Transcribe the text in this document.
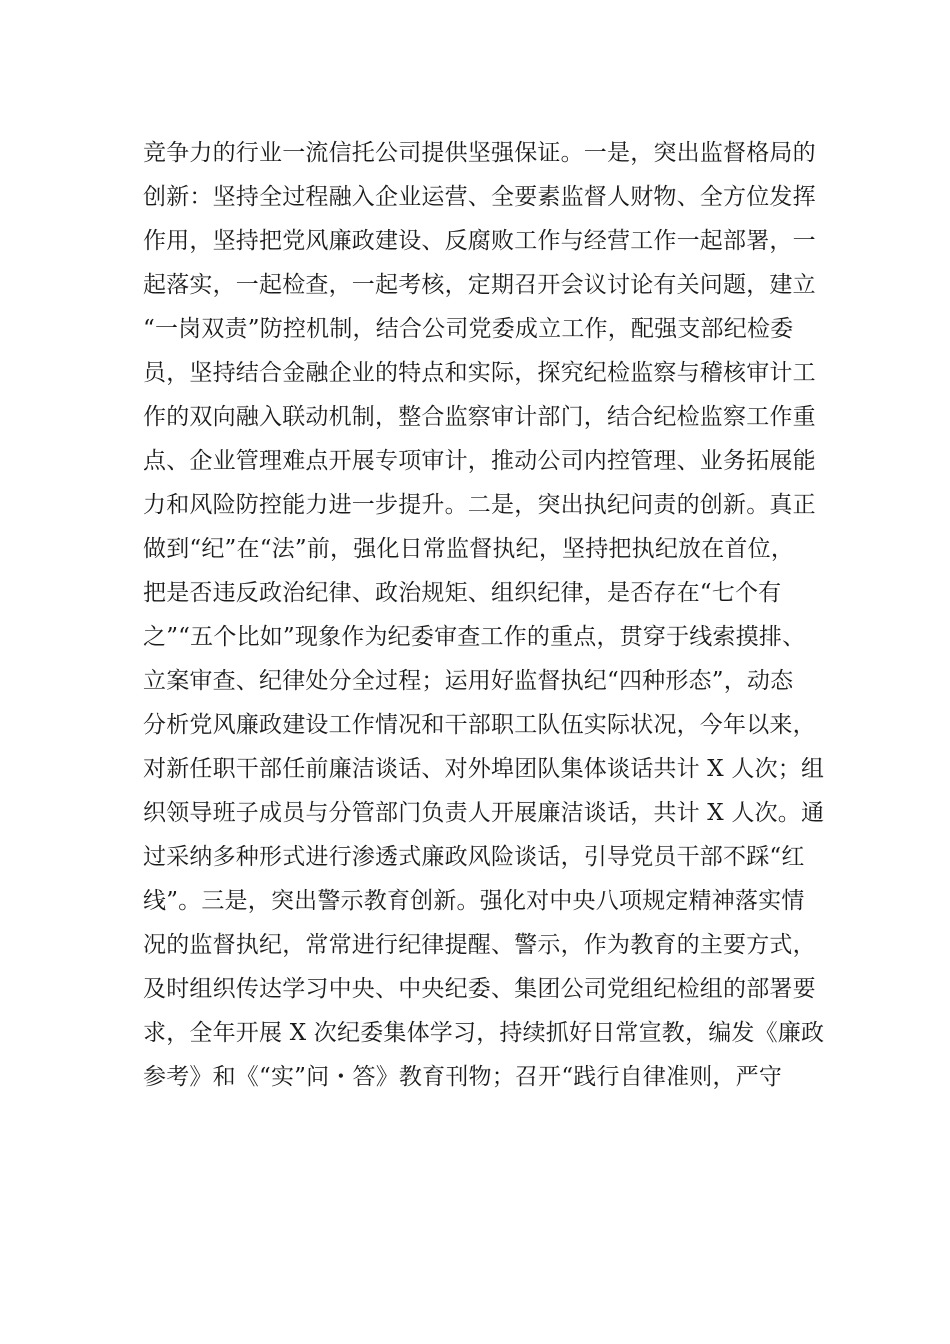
竞争力的行业一流信托公司提供坚强保证。一是，突出监督格局的
创新：坚持全过程融入企业运营、全要素监督人财物、全方位发挥
作用，坚持把党风廉政建设、反腐败工作与经营工作一起部署，一
起落实，一起检查，一起考核，定期召开会议讨论有关问题，建立
“一岗双责”防控机制，结合公司党委成立工作，配强支部纪检委
员，坚持结合金融企业的特点和实际，探究纪检监察与稽核审计工
作的双向融入联动机制，整合监察审计部门，结合纪检监察工作重
点、企业管理难点开展专项审计，推动公司内控管理、业务拓展能
力和风险防控能力进一步提升。二是，突出执纪问责的创新。真正
做到“纪”在“法”前，强化日常监督执纪，坚持把执纪放在首位，
把是否违反政治纪律、政治规矩、组织纪律，是否存在“七个有
之”“五个比如”现象作为纪委审查工作的重点，贯穿于线索摸排、
立案审查、纪律处分全过程；运用好监督执纪“四种形态”，动态
分析党风廉政建设工作情况和干部职工队伍实际状况，今年以来，
对新任职干部任前廉洁谈话、对外埠团队集体谈话共计 X 人次；组
织领导班子成员与分管部门负责人开展廉洁谈话，共计 X 人次。通
过采纳多种形式进行渗透式廉政风险谈话，引导党员干部不踩“红
线”。三是，突出警示教育创新。强化对中央八项规定精神落实情
况的监督执纪，常常进行纪律提醒、警示，作为教育的主要方式，
及时组织传达学习中央、中央纪委、集团公司党组纪检组的部署要
求，全年开展 X 次纪委集体学习，持续抓好日常宣教，编发《廉政
参考》和《“实”问・答》教育刊物；召开“践行自律准则，严守
